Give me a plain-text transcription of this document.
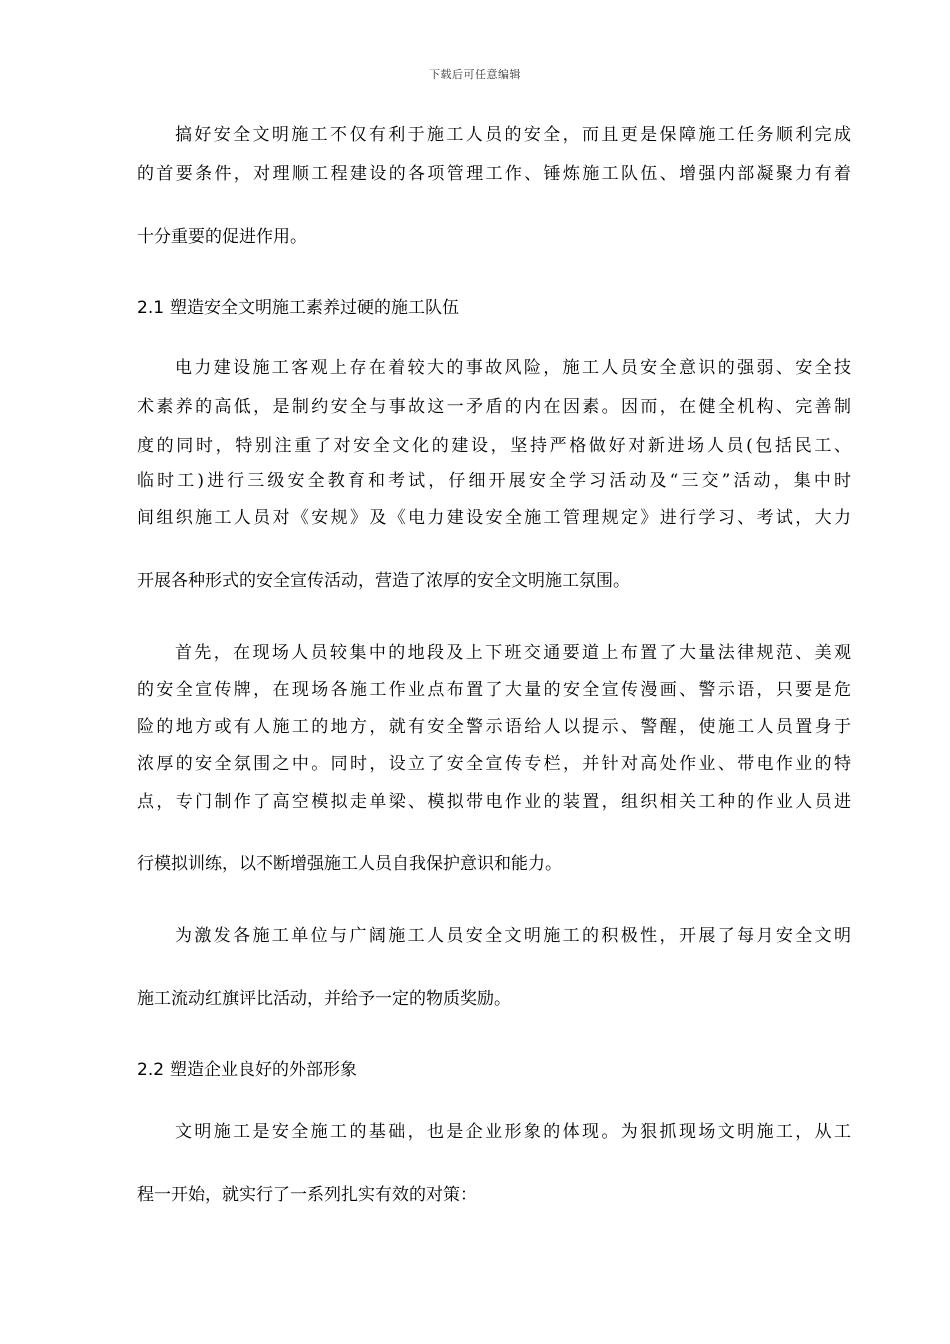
下载后可任意编辑
搞好安全文明施工不仅有利于施工人员的安全，而且更是保障施工任务顺利完成
的首要条件，对理顺工程建设的各项管理工作、锤炼施工队伍、增强内部凝聚力有着
十分重要的促进作用。
2.1 塑造安全文明施工素养过硬的施工队伍
电力建设施工客观上存在着较大的事故风险，施工人员安全意识的强弱、安全技
术素养的高低，是制约安全与事故这一矛盾的内在因素。因而，在健全机构、完善制
度的同时，特别注重了对安全文化的建设，坚持严格做好对新进场人员(包括民工、
临时工)进行三级安全教育和考试，仔细开展安全学习活动及“三交”活动，集中时
间组织施工人员对《安规》及《电力建设安全施工管理规定》进行学习、考试，大力
开展各种形式的安全宣传活动，营造了浓厚的安全文明施工氛围。
首先，在现场人员较集中的地段及上下班交通要道上布置了大量法律规范、美观
的安全宣传牌，在现场各施工作业点布置了大量的安全宣传漫画、警示语，只要是危
险的地方或有人施工的地方，就有安全警示语给人以提示、警醒，使施工人员置身于
浓厚的安全氛围之中。同时，设立了安全宣传专栏，并针对高处作业、带电作业的特
点，专门制作了高空模拟走单梁、模拟带电作业的装置，组织相关工种的作业人员进
行模拟训练，以不断增强施工人员自我保护意识和能力。
为激发各施工单位与广阔施工人员安全文明施工的积极性，开展了每月安全文明
施工流动红旗评比活动，并给予一定的物质奖励。
2.2 塑造企业良好的外部形象
文明施工是安全施工的基础，也是企业形象的体现。为狠抓现场文明施工，从工
程一开始，就实行了一系列扎实有效的对策：
